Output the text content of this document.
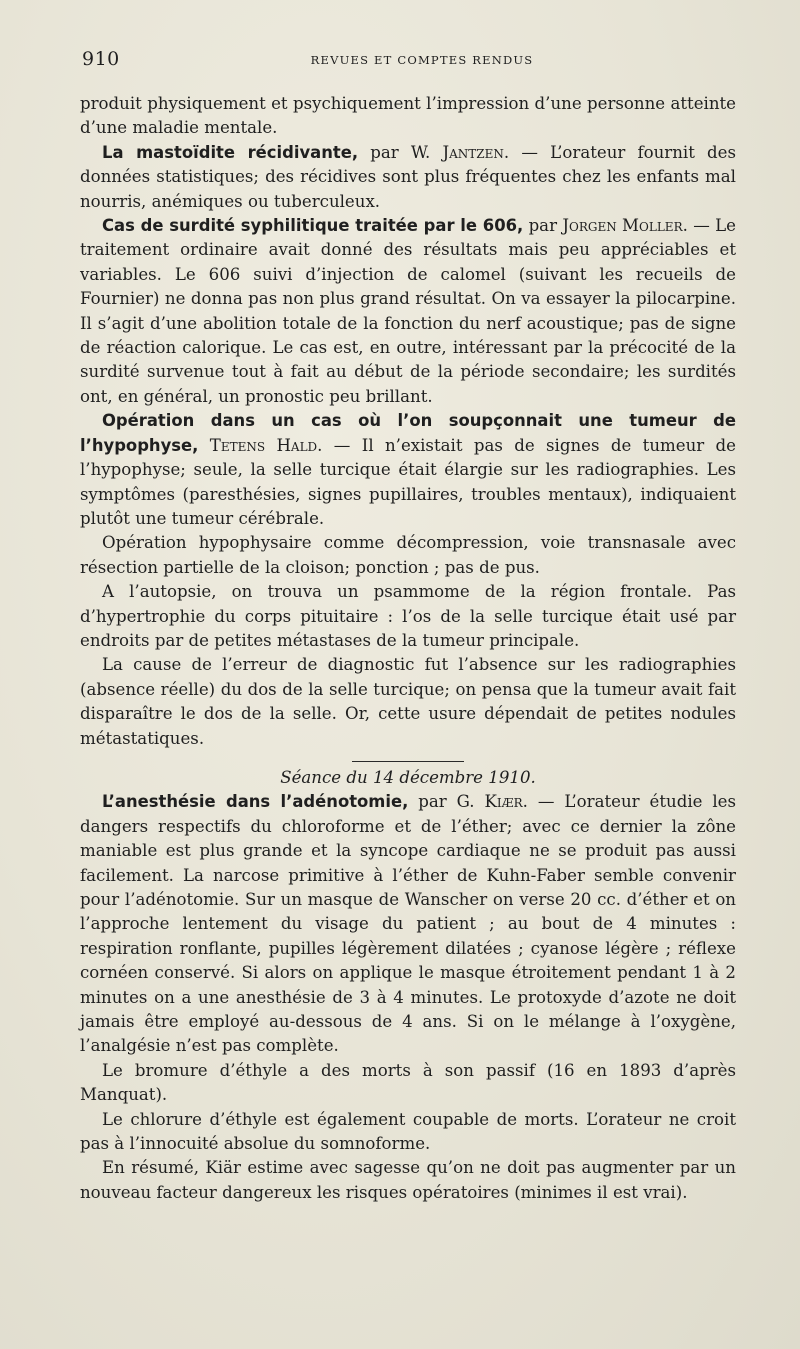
910	REVUES ET COMPTES RENDUS

produit physiquement et psychiquement l’impression d’une personne atteinte d’une maladie mentale.

La mastoïdite récidivante, par W. Jantzen. — L’orateur fournit des données statistiques; des récidives sont plus fréquentes chez les enfants mal nourris, anémiques ou tuberculeux.

Cas de surdité syphilitique traitée par le 606, par Jorgen Moller. — Le traitement ordinaire avait donné des résultats mais peu appréciables et variables. Le 606 suivi d’injection de calomel (suivant les recueils de Fournier) ne donna pas non plus grand résultat. On va essayer la pilocarpine. Il s’agit d’une abolition totale de la fonction du nerf acoustique; pas de signe de réaction calorique. Le cas est, en outre, intéressant par la précocité de la surdité survenue tout à fait au début de la période secondaire; les surdités ont, en général, un pronostic peu brillant.

Opération dans un cas où l’on soupçonnait une tumeur de l’hypophyse, Tetens Hald. — Il n’existait pas de signes de tumeur de l’hypophyse; seule, la selle turcique était élargie sur les radiographies. Les symptômes (paresthésies, signes pupillaires, troubles mentaux), indiquaient plutôt une tumeur cérébrale.

Opération hypophysaire comme décompression, voie transnasale avec résection partielle de la cloison; ponction ; pas de pus.

A l’autopsie, on trouva un psammome de la région frontale. Pas d’hypertrophie du corps pituitaire : l’os de la selle turcique était usé par endroits par de petites métastases de la tumeur principale.

La cause de l’erreur de diagnostic fut l’absence sur les radiographies (absence réelle) du dos de la selle turcique; on pensa que la tumeur avait fait disparaître le dos de la selle. Or, cette usure dépendait de petites nodules métastatiques.

Séance du 14 décembre 1910.

L’anesthésie dans l’adénotomie, par G. Kiær. — L’orateur étudie les dangers respectifs du chloroforme et de l’éther; avec ce dernier la zône maniable est plus grande et la syncope cardiaque ne se produit pas aussi facilement. La narcose primitive à l’éther de Kuhn-Faber semble convenir pour l’adénotomie. Sur un masque de Wanscher on verse 20 cc. d’éther et on l’approche lentement du visage du patient ; au bout de 4 minutes : respiration ronflante, pupilles légèrement dilatées ; cyanose légère ; réflexe cornéen conservé. Si alors on applique le masque étroitement pendant 1 à 2 minutes on a une anesthésie de 3 à 4 minutes. Le protoxyde d’azote ne doit jamais être employé au-dessous de 4 ans. Si on le mélange à l’oxygène, l’analgésie n’est pas complète.

Le bromure d’éthyle a des morts à son passif (16 en 1893 d’après Manquat).

Le chlorure d’éthyle est également coupable de morts. L’orateur ne croit pas à l’innocuité absolue du somnoforme.

En résumé, Kiär estime avec sagesse qu’on ne doit pas augmenter par un nouveau facteur dangereux les risques opératoires (minimes il est vrai).
